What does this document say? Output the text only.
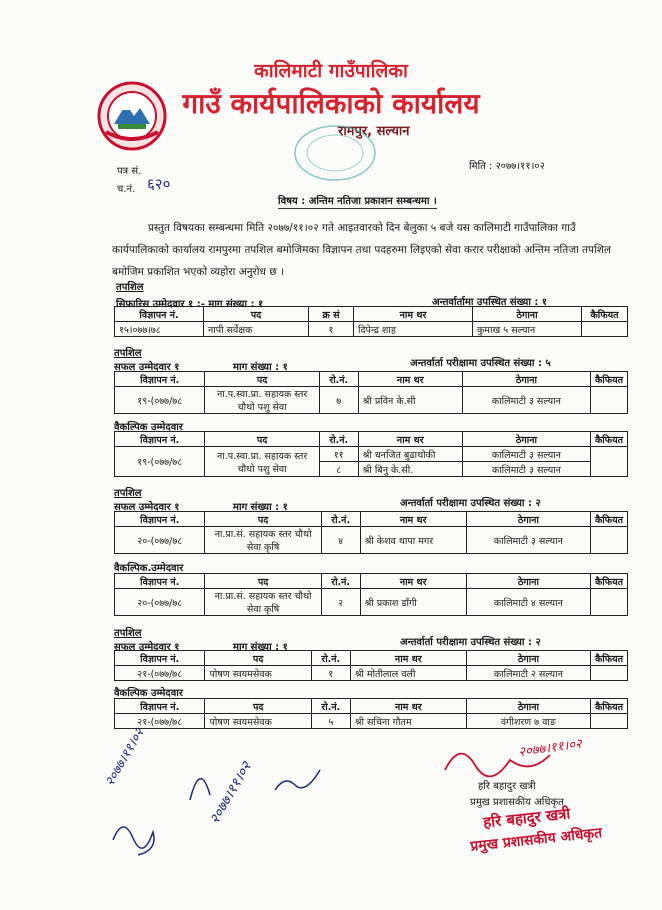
कालिमाटी गाउँपालिका
गाउँ कार्यपालिकाको कार्यालय
रामपुर, सल्यान
पत्र सं.
च.नं. ६२०
मिति : २०७७।११।०२
विषय : अन्तिम नतिजा प्रकाशन सम्बन्धमा ।
प्रस्तुत विषयका सम्बन्धमा मिति २०७७/११।०२ गते आइतवारको दिन बेलुका ५ बजे यस कालिमाटी गाउँपालिका गाउँ कार्यपालिकाको कार्यालय रामपुरमा तपशिल बमोजिमका विज्ञापन तथा पदहरुमा लिइएको सेवा करार परीक्षाको अन्तिम नतिजा तपशिल बमोजिम प्रकाशित भएको व्यहोरा अनुरोध छ ।
तपशिल
सिफारिस उम्मेदवार १ :- माग संख्या : १	अन्तर्वार्तामा उपस्थित संख्या : १
विज्ञापन नं.	पद	क्र सं	नाम थर	ठेगाना	कैफियत
१५।०७७।७८	नापी सर्वेक्षक	१	दिपेन्द्र शाह	कुमाख ५ सल्यान	
तपशिल
सफल उम्मेदवार १	माग संख्या : १	अन्तर्वार्ता परीक्षामा उपस्थित संख्या : ५
विज्ञापन नं.	पद	रो.नं.	नाम थर	ठेगाना	कैफियत
१९-(०७७/७८	ना.प.स्वा.प्रा. सहायक स्तर चौथो पशु सेवा	७	श्री प्रविन के.सी	कालिमाटी ३ सल्यान	
वैकल्पिक उम्मेदवार
विज्ञापन नं.	पद	रो.नं.	नाम थर	ठेगाना	कैफियत
१९-(०७७/७८	ना.प.स्वा.प्रा. सहायक स्तर चौथो पशु सेवा	११	श्री धनजित बुढाथोकी	कालिमाटी ३ सल्यान	
		८	श्री बिनु के.सी.	कालिमाटी ३ सल्यान	
तपशिल
सफल उम्मेदवार १	माग संख्या : १	अन्तर्वार्ता परीक्षामा उपस्थित संख्या : २
विज्ञापन नं.	पद	रो.नं.	नाम थर	ठेगाना	कैफियत
२०-(०७७/७८	ना.प्रा.सं. सहायक स्तर चौथो सेवा कृषि	४	श्री केशव थापा मगर	कालिमाटी ३ सल्यान	
वैकल्पिक.उम्मेदवार
विज्ञापन नं.	पद	रो.नं.	नाम थर	ठेगाना	कैफियत
२०-(०७७/७८	ना.प्रा.सं. सहायक स्तर चौथो सेवा कृषि	२	श्री प्रकाश डाँगी	कालिमाटी ४ सल्यान	
तपशिल
सफल उम्मेदवार १	माग संख्या : १	अन्तर्वार्ता परीक्षामा उपस्थित संख्या : २
विज्ञापन नं.	पद	रो.नं.	नाम थर	ठेगाना	कैफियत
२१-(०७७/७८	पोषण स्वयमसेवक	१	श्री मोतीलाल वली	कालिमाटी २ सल्यान	
वैकल्पिक उम्मेदवार
विज्ञापन नं.	पद	रो.नं.	नाम थर	ठेगाना	कैफियत
२१-(०७७/७८	पोषण स्वयमसेवक	५	श्री सचिना गौतम	वंगीशरण ७ वाङ	
२०७७।११।०२
२०७७।११।०२
२०७७।११।०२
हरि बहादुर खत्री
प्रमुख प्रशासकीय अधिकृत
हरि बहादुर खत्री
प्रमुख प्रशासकीय अधिकृत
